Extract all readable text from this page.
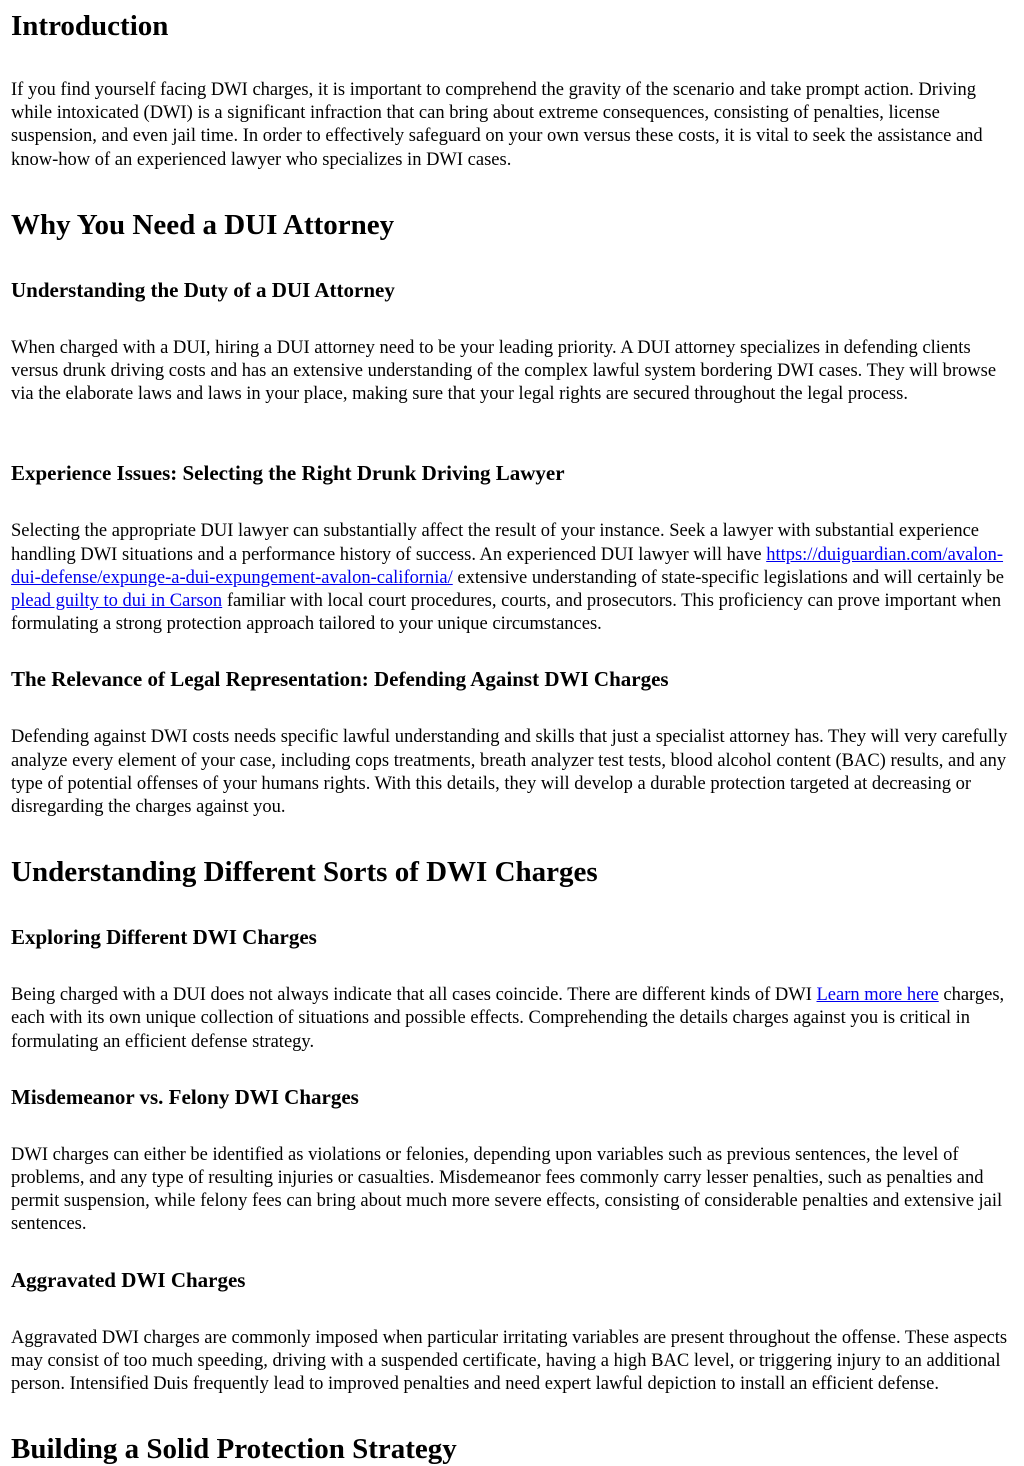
Introduction

If you find yourself facing DWI charges, it is important to comprehend the gravity of the scenario and take prompt action. Driving while intoxicated (DWI) is a significant infraction that can bring about extreme consequences, consisting of penalties, license suspension, and even jail time. In order to effectively safeguard on your own versus these costs, it is vital to seek the assistance and know-how of an experienced lawyer who specializes in DWI cases.

Why You Need a DUI Attorney
Understanding the Duty of a DUI Attorney

When charged with a DUI, hiring a DUI attorney need to be your leading priority. A DUI attorney specializes in defending clients versus drunk driving costs and has an extensive understanding of the complex lawful system bordering DWI cases. They will browse via the elaborate laws and laws in your place, making sure that your legal rights are secured throughout the legal process.

Experience Issues: Selecting the Right Drunk Driving Lawyer

Selecting the appropriate DUI lawyer can substantially affect the result of your instance. Seek a lawyer with substantial experience handling DWI situations and a performance history of success. An experienced DUI lawyer will have https://duiguardian.com/avalon-dui-defense/expunge-a-dui-expungement-avalon-california/ extensive understanding of state-specific legislations and will certainly be plead guilty to dui in Carson familiar with local court procedures, courts, and prosecutors. This proficiency can prove important when formulating a strong protection approach tailored to your unique circumstances.

The Relevance of Legal Representation: Defending Against DWI Charges

Defending against DWI costs needs specific lawful understanding and skills that just a specialist attorney has. They will very carefully analyze every element of your case, including cops treatments, breath analyzer test tests, blood alcohol content (BAC) results, and any type of potential offenses of your humans rights. With this details, they will develop a durable protection targeted at decreasing or disregarding the charges against you.

Understanding Different Sorts of DWI Charges
Exploring Different DWI Charges

Being charged with a DUI does not always indicate that all cases coincide. There are different kinds of DWI Learn more here charges, each with its own unique collection of situations and possible effects. Comprehending the details charges against you is critical in formulating an efficient defense strategy.

Misdemeanor vs. Felony DWI Charges

DWI charges can either be identified as violations or felonies, depending upon variables such as previous sentences, the level of problems, and any type of resulting injuries or casualties. Misdemeanor fees commonly carry lesser penalties, such as penalties and permit suspension, while felony fees can bring about much more severe effects, consisting of considerable penalties and extensive jail sentences.

Aggravated DWI Charges

Aggravated DWI charges are commonly imposed when particular irritating variables are present throughout the offense. These aspects may consist of too much speeding, driving with a suspended certificate, having a high BAC level, or triggering injury to an additional person. Intensified Duis frequently lead to improved penalties and need expert lawful depiction to install an efficient defense.

Building a Solid Protection Strategy
